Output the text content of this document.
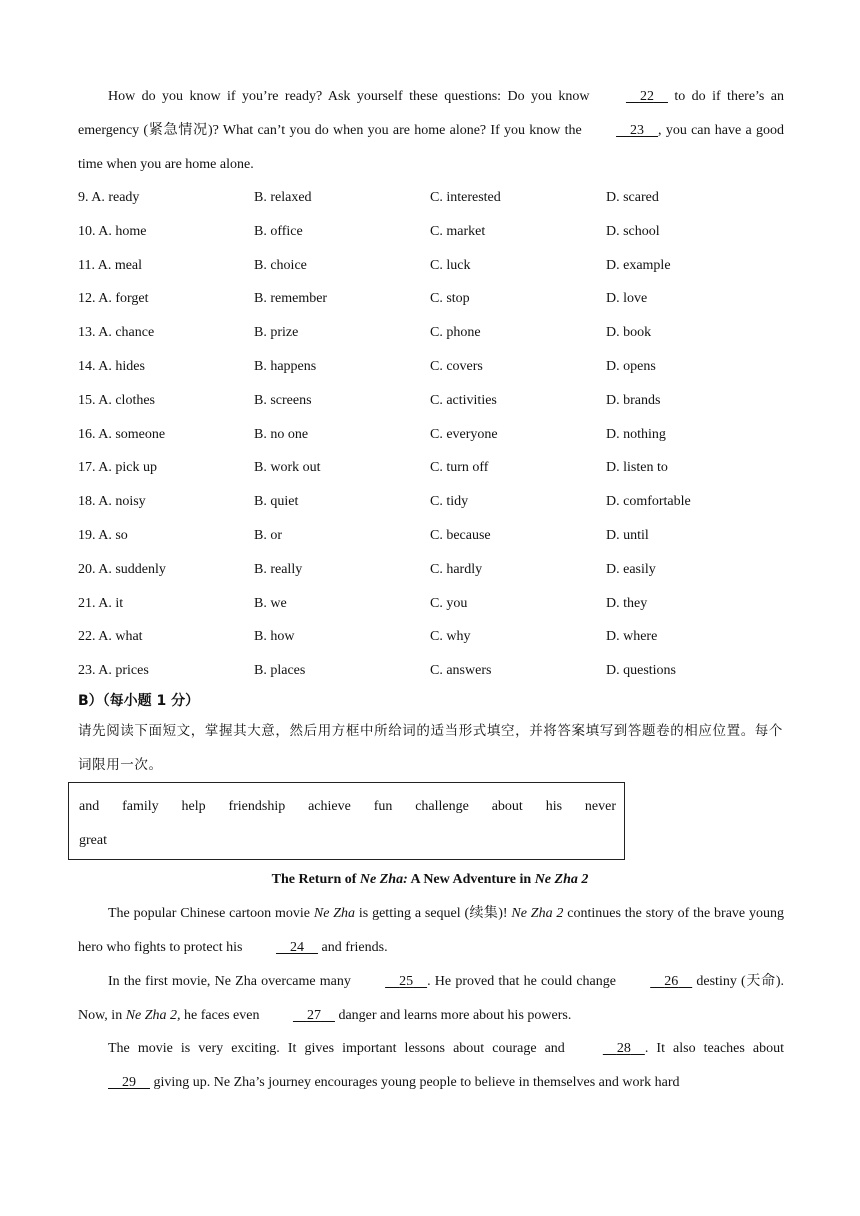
How do you know if you’re ready? Ask yourself these questions: Do you know	22     to do if there’s an emergency (紧急情况)? What can’t you do when you are home alone? If you know the	23 , you can have a good time when you are home alone.
9. A. ready	B. relaxed	C. interested	D. scared
10. A. home	B. office	C. market	D. school
11. A. meal	B. choice	C. luck	D. example
12. A. forget	B. remember	C. stop	D. love
13. A. chance	B. prize	C. phone	D. book
14. A. hides	B. happens	C. covers	D. opens
15. A. clothes	B. screens	C. activities	D. brands
16. A. someone	B. no one	C. everyone	D. nothing
17. A. pick up	B. work out	C. turn off	D. listen to
18. A. noisy	B. quiet	C. tidy	D. comfortable
19. A. so	B. or	C. because	D. until
20. A. suddenly	B. really	C. hardly	D. easily
21. A. it	B. we	C. you	D. they
22. A. what	B. how	C. why	D. where
23. A. prices	B. places	C. answers	D. questions
B）（每小题 1 分）
请先阅读下面短文，掌握其大意，然后用方框中所给词的适当形式填空，并将答案填写到答题卷的相应位置。每个词限用一次。
and family help friendship achieve fun challenge about his never
great
The Return of Ne Zha: A New Adventure in Ne Zha 2
The popular Chinese cartoon movie Ne Zha is getting a sequel (续集)! Ne Zha 2 continues the story of the brave young hero who fights to protect his	24     and friends.
In the first movie, Ne Zha overcame many	25 . He proved that he could change	26     destiny (天命). Now, in Ne Zha 2, he faces even	27     danger and learns more about his powers.
The movie is very exciting. It gives important lessons about courage and	28 . It also teaches about     29     giving up. Ne Zha’s journey encourages young people to believe in themselves and work hard
